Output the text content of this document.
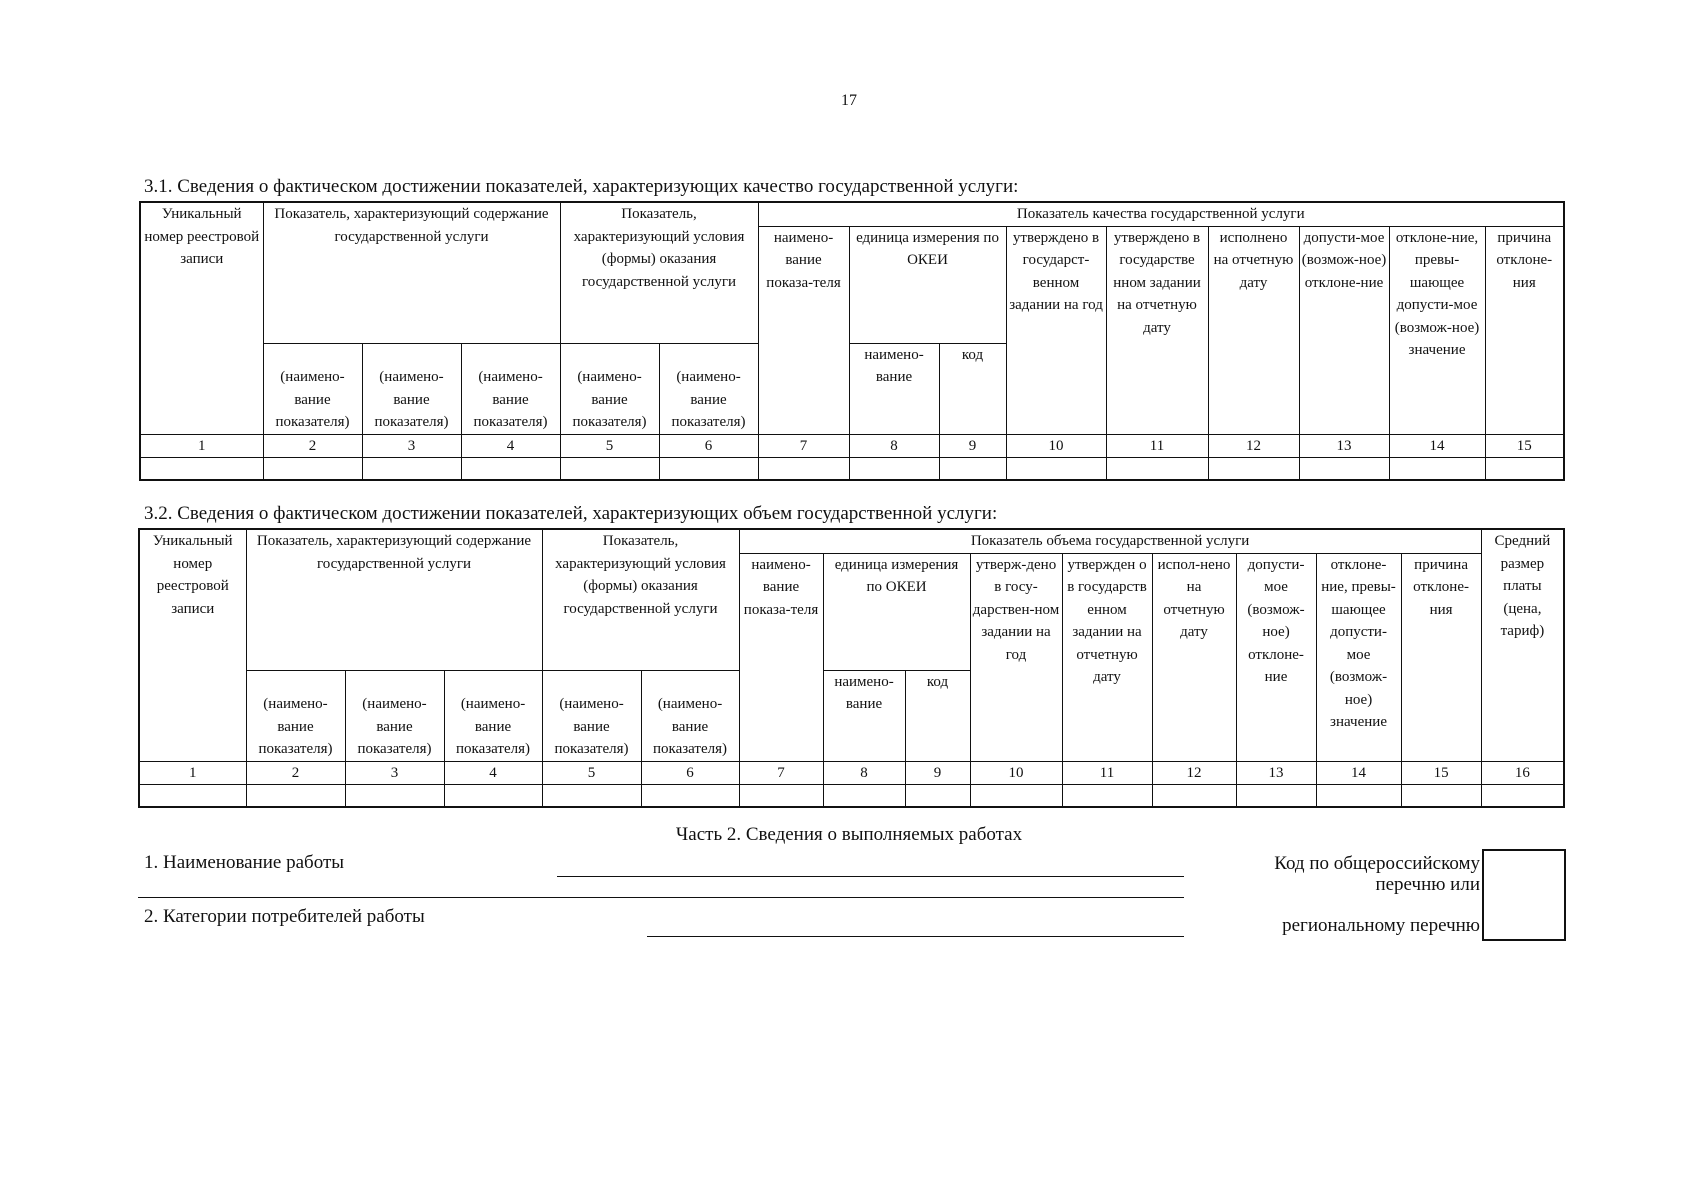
17
3.1. Сведения о фактическом достижении показателей, характеризующих качество государственной услуги:
Уникальный номер реестровой записи	Показатель, характеризующий содержание государственной услуги			Показатель, характеризующий условия (формы) оказания государственной услуги		Показатель качества государственной услуги								
						наимено-вание показа-теля	единица измерения по ОКЕИ		утверждено в государст-венном задании на год	утверждено в государстве нном задании на отчетную дату	исполнено на отчетную дату	допусти-мое (возмож-ное) отклоне-ние	отклоне-ние, превы-шающее допусти-мое (возмож-ное) значение	причина отклоне-ния
	(наимено-вание показателя)	(наимено-вание показателя)	(наимено-вание показателя)	(наимено-вание показателя)	(наимено-вание показателя)		наимено-вание	код						
1	2	3	4	5	6	7	8	9	10	11	12	13	14	15

3.2. Сведения о фактическом достижении показателей, характеризующих объем государственной услуги:
Уникальный номер реестровой записи	Показатель, характеризующий содержание государственной услуги			Показатель, характеризующий условия (формы) оказания государственной услуги		Показатель объема государственной услуги									Средний размер платы (цена, тариф)
						наимено-вание показа-теля	единица измерения по ОКЕИ		утверж-дено в госу-дарствен-ном задании на год	утвержден о в государств енном задании на отчетную дату	испол-нено на отчетную дату	допусти-мое (возмож-ное) отклоне-ние	отклоне-ние, превы-шающее допусти-мое (возмож-ное) значение	причина отклоне-ния	
	(наимено-вание показателя)	(наимено-вание показателя)	(наимено-вание показателя)	(наимено-вание показателя)	(наимено-вание показателя)		наимено-вание	код							
1	2	3	4	5	6	7	8	9	10	11	12	13	14	15	16

Часть 2. Сведения о выполняемых работах
1. Наименование работы
2. Категории потребителей работы
Код по общероссийскому
перечню или
региональному перечню
